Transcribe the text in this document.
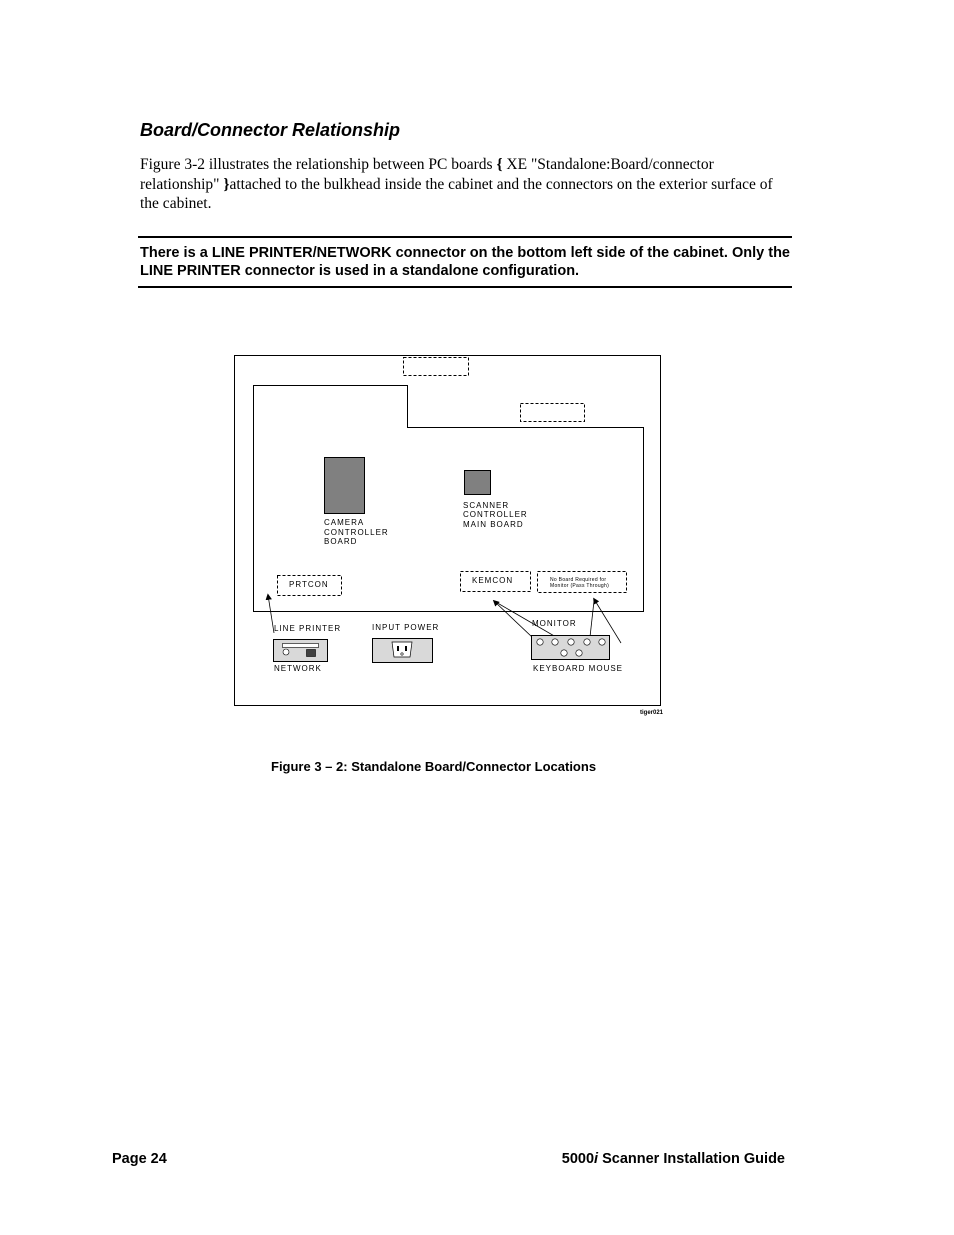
Board/Connector Relationship
Figure 3-2 illustrates the relationship between PC boards { XE "Standalone:Board/connector relationship" }attached to the bulkhead inside the cabinet and the connectors on the exterior surface of the cabinet.
There is a LINE PRINTER/NETWORK connector on the bottom left side of the cabinet. Only the LINE PRINTER connector is used in a standalone configuration.
CAMERA
CONTROLLER
BOARD
SCANNER
CONTROLLER
MAIN BOARD
PRTCON	KEMCON	No Board Required for
Monitor (Pass Through)
LINE PRINTER
NETWORK
INPUT POWER	MONITOR
KEYBOARD MOUSE
tiger021
Figure 3 – 2: Standalone Board/Connector Locations
Page 24	5000i Scanner Installation Guide
